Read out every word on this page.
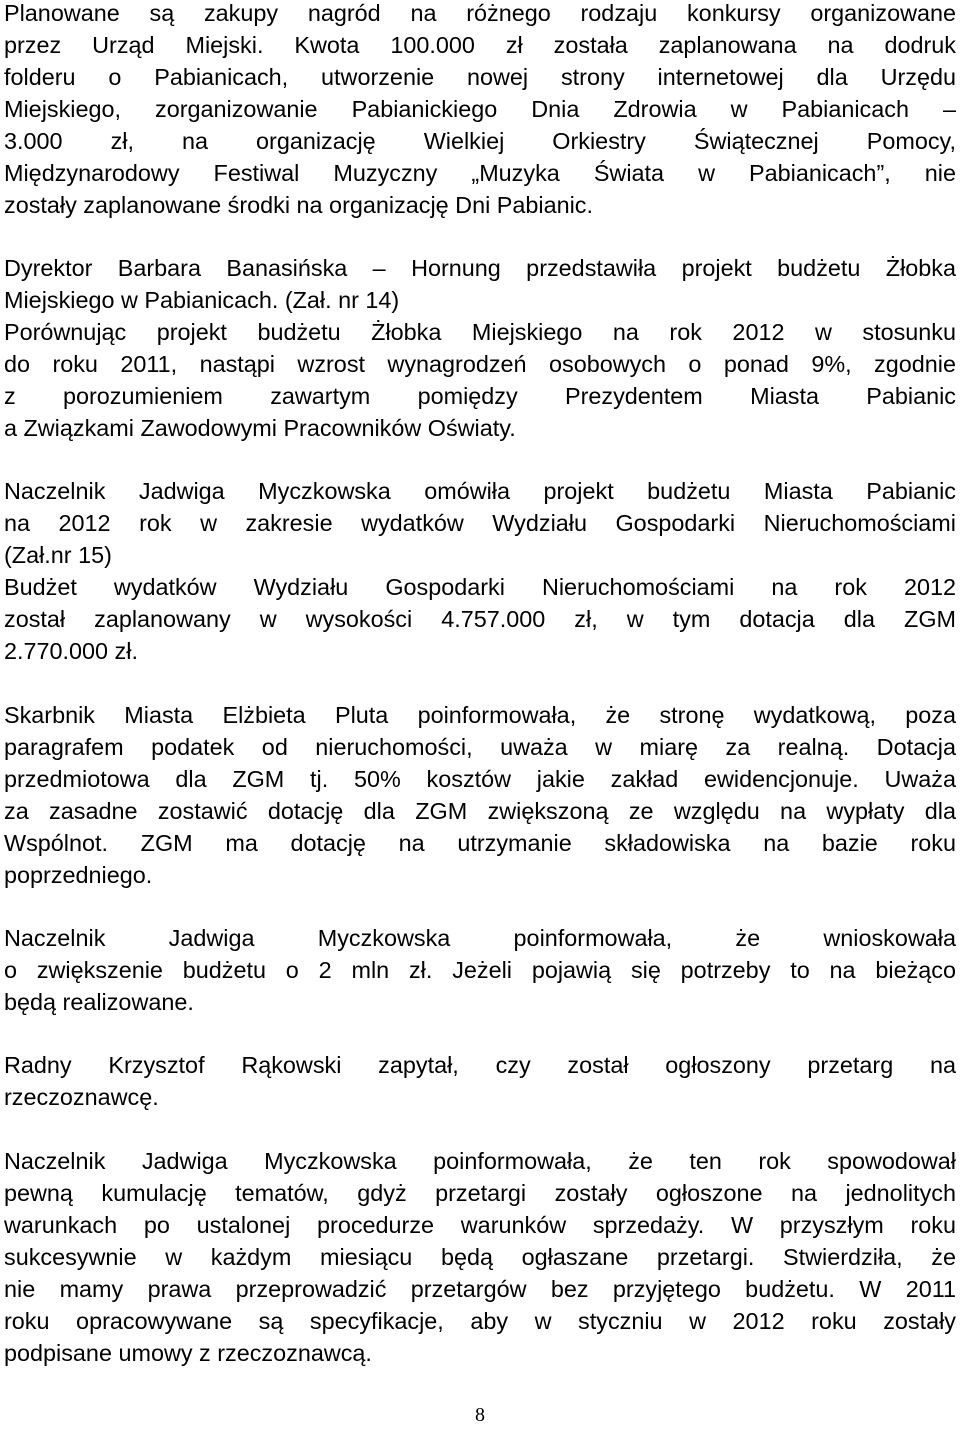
Planowane są zakupy nagród na różnego rodzaju konkursy organizowane
przez Urząd Miejski. Kwota 100.000 zł została zaplanowana na dodruk
folderu o Pabianicach, utworzenie nowej strony internetowej dla Urzędu
Miejskiego, zorganizowanie Pabianickiego Dnia Zdrowia w Pabianicach –
3.000 zł, na organizację Wielkiej Orkiestry Świątecznej Pomocy,
Międzynarodowy Festiwal Muzyczny „Muzyka Świata w Pabianicach”, nie
zostały zaplanowane środki na organizację Dni Pabianic.
Dyrektor Barbara Banasińska – Hornung przedstawiła projekt budżetu Żłobka
Miejskiego w Pabianicach. (Zał. nr 14)
Porównując projekt budżetu Żłobka Miejskiego na rok 2012 w stosunku
do roku 2011, nastąpi wzrost wynagrodzeń osobowych o ponad 9%, zgodnie
z porozumieniem zawartym pomiędzy Prezydentem Miasta Pabianic
a Związkami Zawodowymi Pracowników Oświaty.
Naczelnik Jadwiga Myczkowska omówiła projekt budżetu Miasta Pabianic
na 2012 rok w zakresie wydatków Wydziału Gospodarki Nieruchomościami
(Zał.nr 15)
Budżet wydatków Wydziału Gospodarki Nieruchomościami na rok 2012
został zaplanowany w wysokości 4.757.000 zł, w tym dotacja dla ZGM
2.770.000 zł.
Skarbnik Miasta Elżbieta Pluta poinformowała, że stronę wydatkową, poza
paragrafem podatek od nieruchomości, uważa w miarę za realną. Dotacja
przedmiotowa dla ZGM tj. 50% kosztów jakie zakład ewidencjonuje. Uważa
za zasadne zostawić dotację dla ZGM zwiększoną ze względu na wypłaty dla
Wspólnot. ZGM ma dotację na utrzymanie składowiska na bazie roku
poprzedniego.
Naczelnik Jadwiga Myczkowska poinformowała, że wnioskowała
o zwiększenie budżetu o 2 mln zł. Jeżeli pojawią się potrzeby to na bieżąco
będą realizowane.
Radny Krzysztof Rąkowski zapytał, czy został ogłoszony przetarg na
rzeczoznawcę.
Naczelnik Jadwiga Myczkowska poinformowała, że ten rok spowodował
pewną kumulację tematów, gdyż przetargi zostały ogłoszone na jednolitych
warunkach po ustalonej procedurze warunków sprzedaży. W przyszłym roku
sukcesywnie w każdym miesiącu będą ogłaszane przetargi. Stwierdziła, że
nie mamy prawa przeprowadzić przetargów bez przyjętego budżetu. W 2011
roku opracowywane są specyfikacje, aby w styczniu w 2012 roku zostały
podpisane umowy z rzeczoznawcą.
8
